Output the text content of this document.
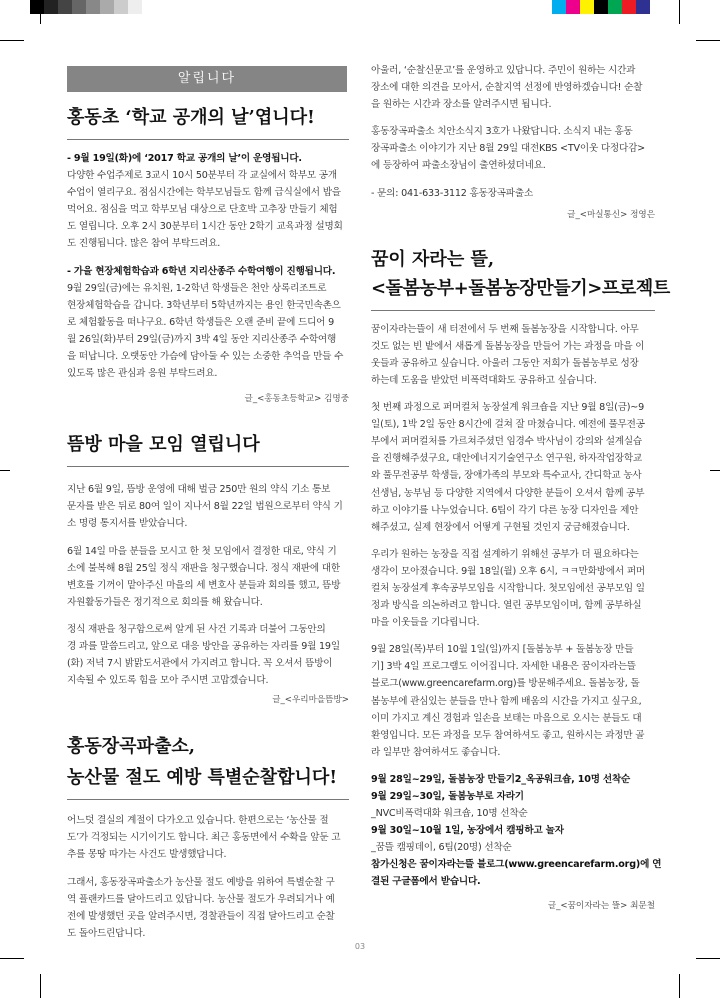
알립니다
홍동초 ‘학교 공개의 날’엽니다!

- 9월 19일(화)에 ‘2017 학교 공개의 날’이 운영됩니다.

다양한 수업주제로 3교시 10시 50분부터 각 교실에서 학부모 공개

수업이 열리구요. 점심시간에는 학부모님들도 함께 급식실에서 밥을

먹어요. 점심을 먹고 학부모님 대상으로 단호박 고추장 만들기 체험

도 열립니다. 오후 2시 30분부터 1시간 동안 2학기 교육과정 설명회

도 진행됩니다. 많은 참여 부탁드려요.

- 가을 현장체험학습과 6학년 지리산종주 수학여행이 진행됩니다.

9월 29일(금)에는 유치원, 1-2학년 학생들은 천안 상록리조트로

현장체험학습을 갑니다. 3학년부터 5학년까지는 용인 한국민속촌으

로 체험활동을 떠나구요. 6학년 학생들은 오랜 준비 끝에 드디어 9

월 26일(화)부터 29일(금)까지 3박 4일 동안 지리산종주 수학여행

을 떠납니다. 오랫동안 가슴에 담아둘 수 있는 소중한 추억을 만들 수

있도록 많은 관심과 응원 부탁드려요.

글_<홍동초등학교> 김명중

뜸방 마을 모임 열립니다

지난 6월 9일, 뜸방 운영에 대해 벌금 250만 원의 약식 기소 통보

문자를 받은 뒤로 80여 일이 지나서 8월 22일 법원으로부터 약식 기

소 명령 통지서를 받았습니다.

6월 14일 마을 분들을 모시고 한 첫 모임에서 결정한 대로, 약식 기

소에 불복해 8월 25일 정식 재판을 청구했습니다. 정식 재판에 대한

변호를 기꺼이 맡아주신 마을의 세 변호사 분들과 회의를 했고, 뜸방

자원활동가들은 정기적으로 회의를 해 왔습니다.

정식 재판을 청구함으로써 알게 된 사건 기록과 더불어 그동안의

경 과를 말씀드리고, 앞으로 대응 방안을 공유하는 자리를 9월 19일

(화) 저녁 7시 밝맑도서관에서 가지려고 합니다. 꼭 오셔서 뜸방이

지속될 수 있도록 힘을 모아 주시면 고맙겠습니다.

글_<우리마을뜸방>

홍동장곡파출소,
농산물 절도 예방 특별순찰합니다!

어느덧 결실의 계절이 다가오고 있습니다. 한편으로는 ‘농산물 절

도’가 걱정되는 시기이기도 합니다. 최근 홍동면에서 수확을 앞둔 고

추를 몽땅 따가는 사건도 발생했답니다.

그래서, 홍동장곡파출소가 농산물 절도 예방을 위하여 특별순찰 구

역 플랜카드를 달아드리고 있답니다. 농산물 절도가 우려되거나 예

전에 발생했던 곳을 알려주시면, 경찰관들이 직접 달아드리고 순찰

도 돌아드린답니다.

아울러, ‘순찰신문고’를 운영하고 있답니다. 주민이 원하는 시간과

장소에 대한 의견을 모아서, 순찰지역 선정에 반영하겠습니다! 순찰

을 원하는 시간과 장소를 알려주시면 됩니다.

홍동장곡파출소 치안소식지 3호가 나왔답니다. 소식지 내는 홍동

장곡파출소 이야기가 지난 8월 29일 대전KBS <TV이웃 다정다감>

에 등장하여 파출소장님이 출연하셨더네요.

- 문의: 041-633-3112 홍동장곡파출소

글_<마실통신> 정영은

꿈이 자라는 뜰,
<돌봄농부+돌봄농장만들기>프로젝트

꿈이자라는뜰이 새 터전에서 두 번째 돌봄농장을 시작합니다. 아무

것도 없는 빈 밭에서 새롭게 돌봄농장을 만들어 가는 과정을 마을 이

웃들과 공유하고 싶습니다. 아울러 그동안 저희가 돌봄농부로 성장

하는데 도움을 받았던 비폭력대화도 공유하고 싶습니다.

첫 번째 과정으로 퍼머컬처 농장설계 워크숍을 지난 9월 8일(금)~9

일(토), 1박 2일 동안 8시간에 걸쳐 잘 마쳤습니다. 예전에 풀무전공

부에서 퍼머컬처를 가르쳐주셨던 임경수 박사님이 강의와 설계실습

을 진행해주셨구요, 대안에너지기술연구소 연구원, 하자작업장학교

와 풀무전공부 학생들, 장애가족의 부모와 특수교사, 간디학교 농사

선생님, 농부님 등 다양한 지역에서 다양한 분들이 오셔서 함께 공부

하고 이야기를 나누었습니다. 6팀이 각기 다른 농장 디자인을 제안

해주셨고, 실제 현장에서 어떻게 구현될 것인지 궁금해졌습니다.

우리가 원하는 농장을 직접 설계하기 위해선 공부가 더 필요하다는

생각이 모아졌습니다. 9월 18일(월) 오후 6시, ㅋㅋ만화방에서 퍼머

컬처 농장설계 후속공부모임을 시작합니다. 첫모임에선 공부모임 일

정과 방식을 의논하려고 합니다. 열린 공부모임이며, 함께 공부하실

마을 이웃들을 기다립니다.

9월 28일(목)부터 10월 1일(일)까지 [돌봄농부 + 돌봄농장 만들

기] 3박 4일 프로그램도 이어집니다. 자세한 내용은 꿈이자라는뜰

블로그(www.greencarefarm.org)를 방문해주세요. 돌봄농장, 돌

봄농부에 관심있는 분들을 만나 함께 배움의 시간을 가지고 싶구요,

이미 가지고 계신 경험과 일손을 보태는 마음으로 오시는 분들도 대

환영입니다. 모든 과정을 모두 참여하셔도 좋고, 원하시는 과정만 골

라 일부만 참여하셔도 좋습니다.

9월 28일~29일, 돌봄농장 만들기2_옥공워크숍, 10명 선착순

9월 29일~30일, 돌봄농부로 자라기

_NVC비폭력대화 워크숍, 10명 선착순

9월 30일~10월 1일, 농장에서 캠핑하고 놀자

_꿈뜰 캠핑데이, 6팀(20명) 선착순

참가신청은 꿈이자라는뜰 블로그(www.greencarefarm.org)에 연

결된 구글폼에서 받습니다.

글_<꿈이자라는 뜰> 최문철

03
